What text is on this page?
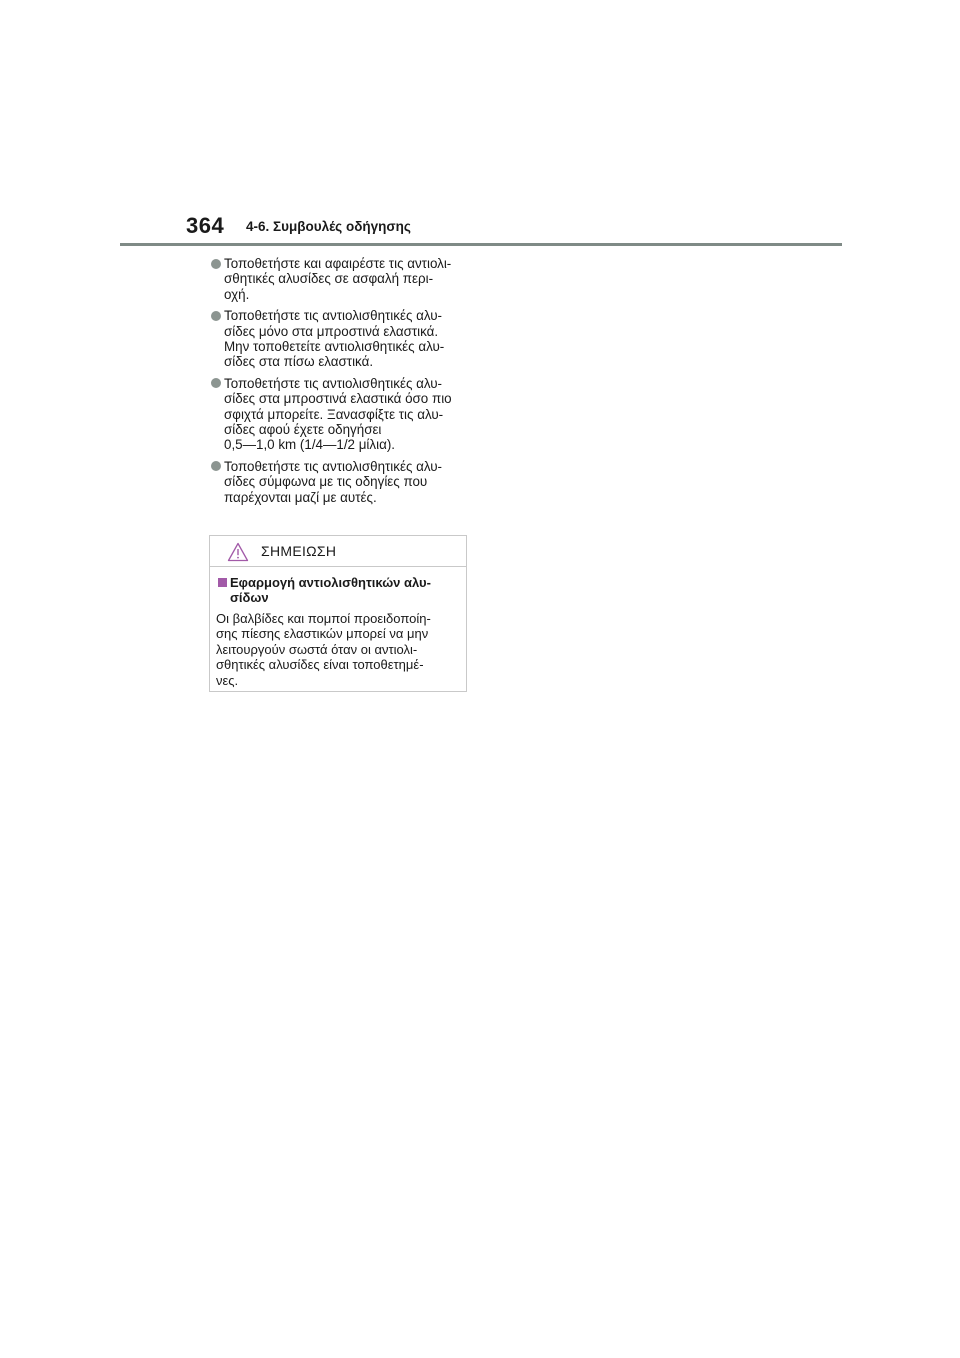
364 4-6. Συμβουλές οδήγησης
Τοποθετήστε και αφαιρέστε τις αντιολι-
σθητικές αλυσίδες σε ασφαλή περι-
οχή.
Τοποθετήστε τις αντιολισθητικές αλυ-
σίδες μόνο στα μπροστινά ελαστικά.
Μην τοποθετείτε αντιολισθητικές αλυ-
σίδες στα πίσω ελαστικά.
Τοποθετήστε τις αντιολισθητικές αλυ-
σίδες στα μπροστινά ελαστικά όσο πιο
σφιχτά μπορείτε. Ξανασφίξτε τις αλυ-
σίδες αφού έχετε οδηγήσει
0,5—1,0 km (1/4—1/2 μίλια).
Τοποθετήστε τις αντιολισθητικές αλυ-
σίδες σύμφωνα με τις οδηγίες που
παρέχονται μαζί με αυτές.
ΣΗΜΕΙΩΣΗ
Εφαρμογή αντιολισθητικών αλυ-
σίδων
Οι βαλβίδες και πομποί προειδοποίη-
σης πίεσης ελαστικών μπορεί να μην
λειτουργούν σωστά όταν οι αντιολι-
σθητικές αλυσίδες είναι τοποθετημέ-
νες.
